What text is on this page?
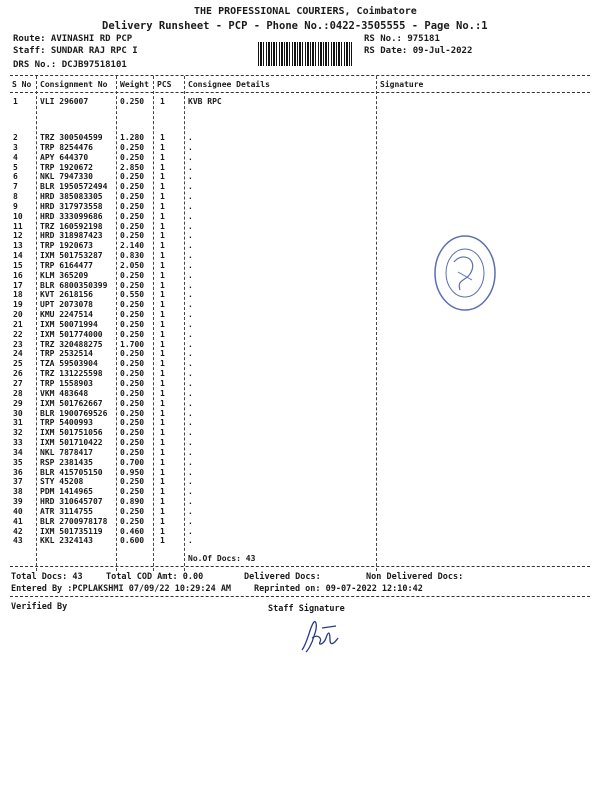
THE PROFESSIONAL COURIERS, Coimbatore
Delivery Runsheet - PCP - Phone No.:0422-3505555 - Page No.:1
Route: AVINASHI RD PCP
Staff: SUNDAR RAJ RPC I
DRS No.: DCJB97518101
RS No.: 975181
RS Date: 09-Jul-2022
S No Consignment No Weight PCS Consignee Details	Signature
1	VLI 296007	0.250 1	KVB RPC
2	TRZ 300504599 1.280 1	.
3	TRP 8254476	0.250 1	.
4	APY 644370	0.250 1	.
5	TRP 1920672	2.850 1	.
6	NKL 7947330	0.250 1	.
7	BLR 1950572494 0.250 1	.
8	HRD 385083305 0.250 1	.
9	HRD 317973558 0.250 1	.
10 HRD 333099686 0.250 1	.
11 TRZ 160592198 0.250 1	.
12 HRD 318987423 0.250 1	.
13 TRP 1920673	2.140 1	.
14 IXM 501753287 0.830 1	.
15 TRP 6164477	2.050 1	.
16 KLM 365209	0.250 1	.
17 BLR 6800350399 0.250 1	.
18 KVT 2618156	0.550 1	.
19 UPT 2073078	0.250 1	.
20 KMU 2247514	0.250 1	.
21 IXM 50071994	0.250 1	.
22 IXM 501774000 0.250 1	.
23 TRZ 320488275 1.700 1	.
24 TRP 2532514	0.250 1	.
25 TZA 59503904	0.250 1	.
26 TRZ 131225598 0.250 1	.
27 TRP 1558903	0.250 1	.
28 VKM 483648	0.250 1	.
29 IXM 501762667 0.250 1	.
30 BLR 1900769526 0.250 1	.
31 TRP 5400993	0.250 1	.
32 IXM 501751056 0.250 1	.
33 IXM 501710422 0.250 1	.
34 NKL 7878417	0.250 1	.
35 RSP 2381435	0.700 1	.
36 BLR 415705150 0.950 1	.
37 STY 45208	0.250 1	.
38 PDM 1414965	0.250 1	.
39 HRD 310645707 0.890 1	.
40 ATR 3114755	0.250 1	.
41 BLR 2700978178 0.250 1	.
42 IXM 501735119 0.460 1	.
43 KKL 2324143	0.600 1	.
No.Of Docs: 43
Total Docs: 43	Total COD Amt: 0.00	Delivered Docs:	Non Delivered Docs:
Entered By :PCPLAKSHMI 07/09/22 10:29:24 AM	Reprinted on: 09-07-2022 12:10:42
Verified By	Staff Signature
